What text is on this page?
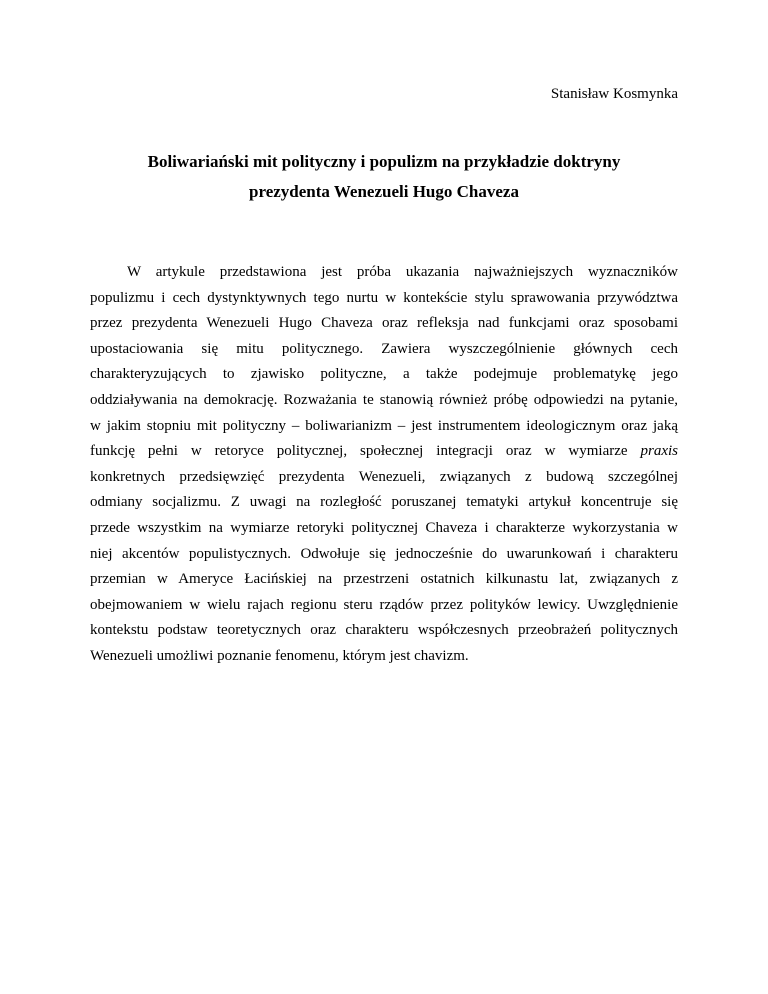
Stanisław Kosmynka

Boliwariański mit polityczny i populizm na przykładzie doktryny
prezydenta Wenezueli Hugo Chaveza
W artykule przedstawiona jest próba ukazania najważniejszych wyznaczników
populizmu i cech dystynktywnych tego nurtu w kontekście stylu sprawowania przywództwa
przez prezydenta Wenezueli Hugo Chaveza oraz refleksja nad funkcjami oraz sposobami
upostaciowania się mitu politycznego. Zawiera wyszczególnienie głównych cech
charakteryzujących to zjawisko polityczne, a także podejmuje problematykę jego
oddziaływania na demokrację. Rozważania te stanowią również próbę odpowiedzi na pytanie,
w jakim stopniu mit polityczny – boliwarianizm – jest instrumentem ideologicznym oraz jaką
funkcję pełni w retoryce politycznej, społecznej integracji oraz w wymiarze praxis
konkretnych przedsięwzięć prezydenta Wenezueli, związanych z budową szczególnej
odmiany socjalizmu. Z uwagi na rozległość poruszanej tematyki artykuł koncentruje się
przede wszystkim na wymiarze retoryki politycznej Chaveza i charakterze wykorzystania w
niej akcentów populistycznych. Odwołuje się jednocześnie do uwarunkowań i charakteru
przemian w Ameryce Łacińskiej na przestrzeni ostatnich kilkunastu lat, związanych z
obejmowaniem w wielu rajach regionu steru rządów przez polityków lewicy. Uwzględnienie
kontekstu podstaw teoretycznych oraz charakteru współczesnych przeobrażeń politycznych
Wenezueli umożliwi poznanie fenomenu, którym jest chavizm.
